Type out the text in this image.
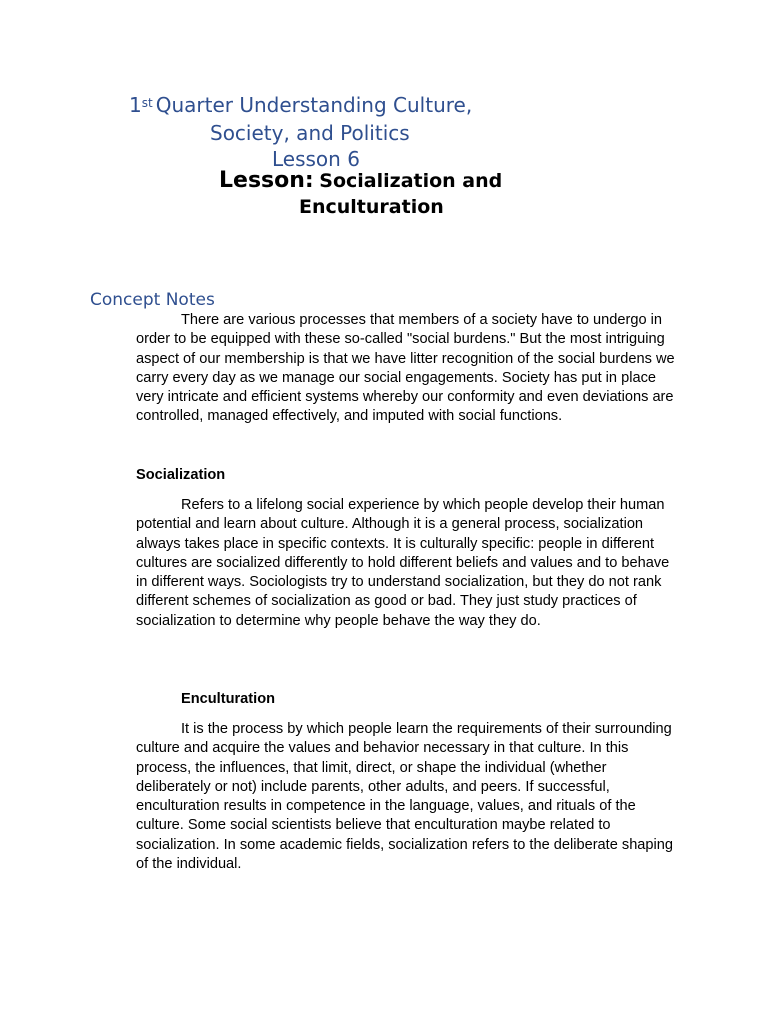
1st Quarter Understanding Culture,
Society, and Politics
Lesson 6
Lesson: Socialization and
Enculturation
Concept Notes

There are various processes that members of a society have to undergo in order to be equipped with these so-called "social burdens." But the most intriguing aspect of our membership is that we have litter recognition of the social burdens we carry every day as we manage our social engagements. Society has put in place very intricate and efficient systems whereby our conformity and even deviations are controlled, managed effectively, and imputed with social functions.

Socialization

Refers to a lifelong social experience by which people develop their human potential and learn about culture. Although it is a general process, socialization always takes place in specific contexts. It is culturally specific: people in different cultures are socialized differently to hold different beliefs and values and to behave in different ways. Sociologists try to understand socialization, but they do not rank different schemes of socialization as good or bad. They just study practices of socialization to determine why people behave the way they do.

Enculturation

It is the process by which people learn the requirements of their surrounding culture and acquire the values and behavior necessary in that culture. In this process, the influences, that limit, direct, or shape the individual (whether deliberately or not) include parents, other adults, and peers. If successful, enculturation results in competence in the language, values, and rituals of the culture. Some social scientists believe that enculturation maybe related to socialization. In some academic fields, socialization refers to the deliberate shaping of the individual.
